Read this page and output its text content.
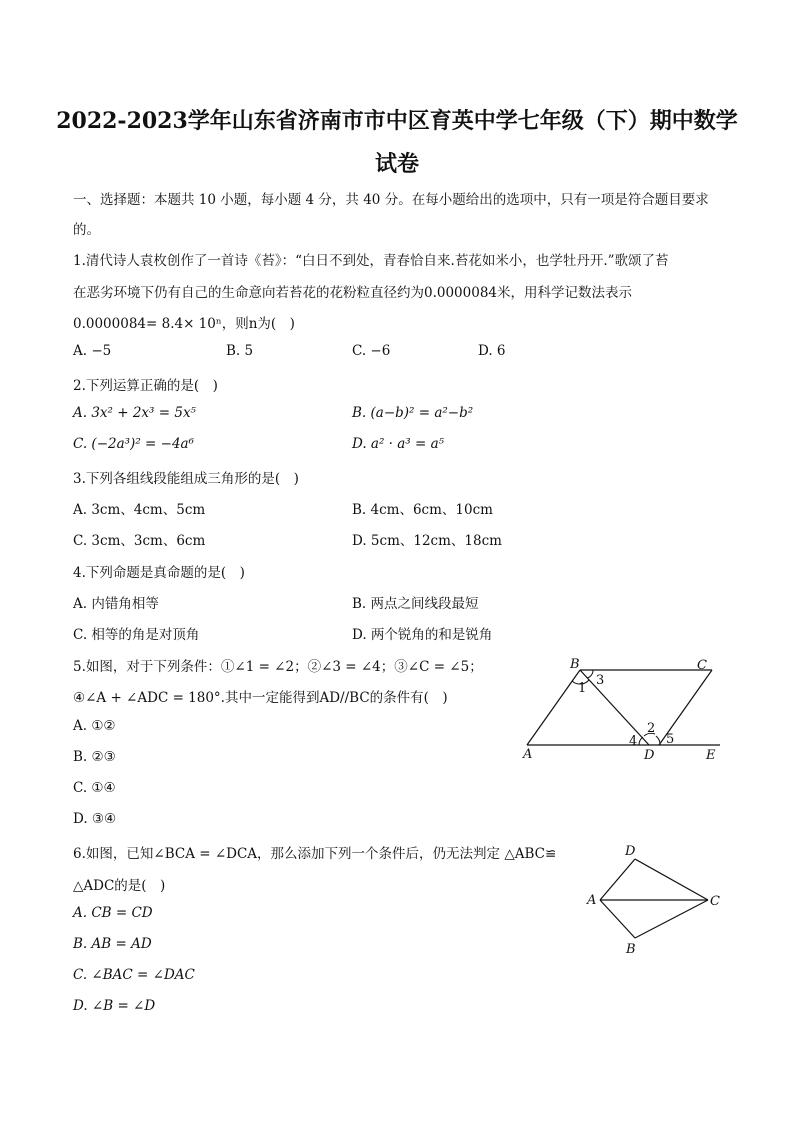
2022-2023学年山东省济南市市中区育英中学七年级（下）期中数学
试卷
一、选择题：本题共 10 小题，每小题 4 分，共 40 分。在每小题给出的选项中，只有一项是符合题目要求
的。
1.清代诗人袁枚创作了一首诗《苔》：“白日不到处，青春恰自来.苔花如米小，也学牡丹开.”歌颂了苔
在恶劣环境下仍有自己的生命意向若苔花的花粉粒直径约为0.0000084米，用科学记数法表示
0.0000084= 8.4× 10ⁿ，则n为(　)
A. −5	B. 5	C. −6	D. 6
2.下列运算正确的是(　)
A. 3x² + 2x³ = 5x⁵	B. (a−b)² = a²−b²
C. (−2a³)² = −4a⁶	D. a² · a³ = a⁵
3.下列各组线段能组成三角形的是(　)
A. 3cm、4cm、5cm	B. 4cm、6cm、10cm
C. 3cm、3cm、6cm	D. 5cm、12cm、18cm
4.下列命题是真命题的是(　)
A. 内错角相等	B. 两点之间线段最短
C. 相等的角是对顶角	D. 两个锐角的和是锐角
5.如图，对于下列条件：①∠1 = ∠2；②∠3 = ∠4；③∠C = ∠5；
④∠A + ∠ADC = 180°.其中一定能得到AD//BC的条件有(　)
A. ①②
B. ②③
C. ①④
D. ③④
B	C
A	D	E
1
2
3
4 5
6.如图，已知∠BCA = ∠DCA，那么添加下列一个条件后，仍无法判定 △ABC≌
△ADC的是(　)
A. CB = CD
B. AB = AD
C. ∠BAC = ∠DAC
D. ∠B = ∠D
D
A	C
B
